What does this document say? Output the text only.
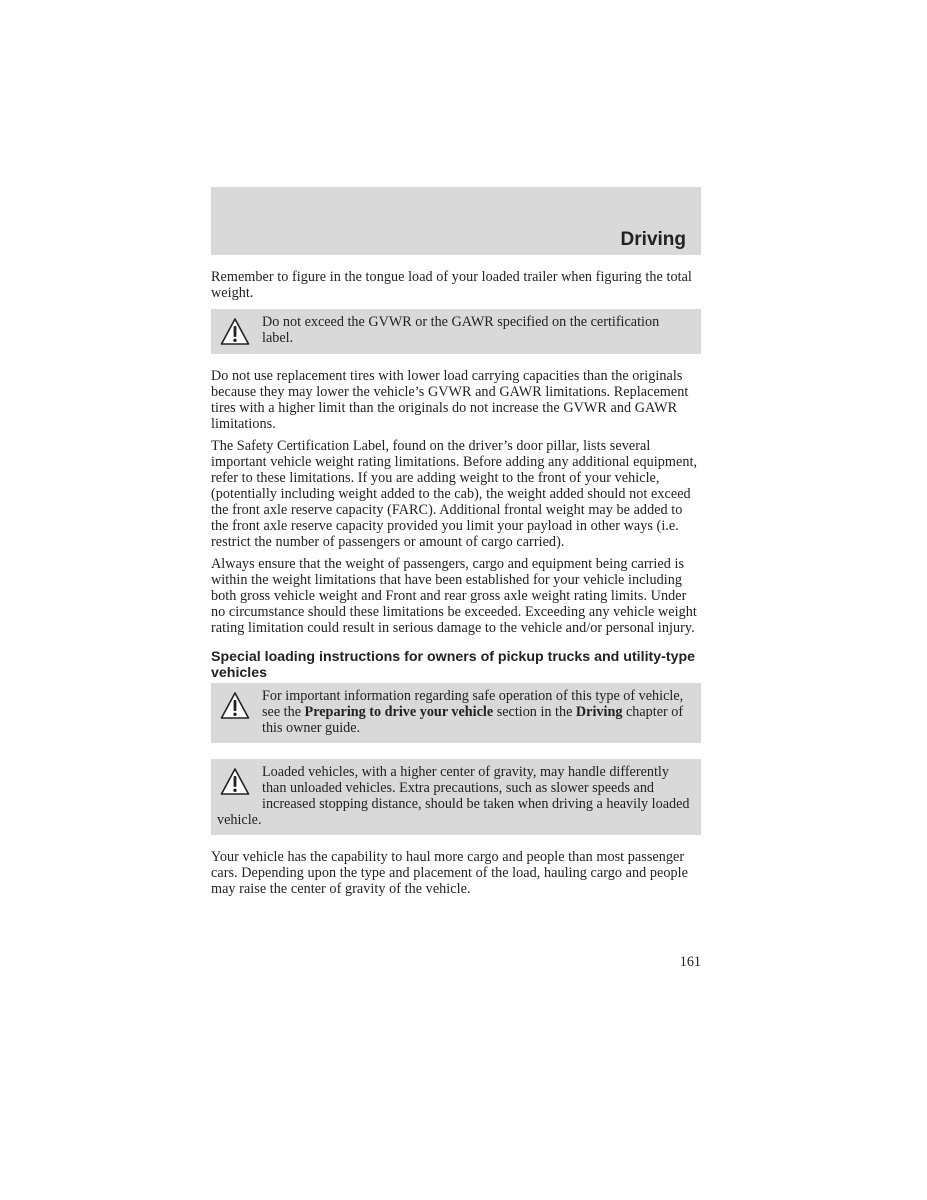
Driving

Remember to figure in the tongue load of your loaded trailer when figuring the total weight.

Do not exceed the GVWR or the GAWR specified on the certification label.

Do not use replacement tires with lower load carrying capacities than the originals because they may lower the vehicle’s GVWR and GAWR limitations. Replacement tires with a higher limit than the originals do not increase the GVWR and GAWR limitations.

The Safety Certification Label, found on the driver’s door pillar, lists several important vehicle weight rating limitations. Before adding any additional equipment, refer to these limitations. If you are adding weight to the front of your vehicle, (potentially including weight added to the cab), the weight added should not exceed the front axle reserve capacity (FARC). Additional frontal weight may be added to the front axle reserve capacity provided you limit your payload in other ways (i.e. restrict the number of passengers or amount of cargo carried).

Always ensure that the weight of passengers, cargo and equipment being carried is within the weight limitations that have been established for your vehicle including both gross vehicle weight and Front and rear gross axle weight rating limits. Under no circumstance should these limitations be exceeded. Exceeding any vehicle weight rating limitation could result in serious damage to the vehicle and/or personal injury.

Special loading instructions for owners of pickup trucks and utility-type vehicles
For important information regarding safe operation of this type of vehicle, see the Preparing to drive your vehicle section in the Driving chapter of this owner guide.
Loaded vehicles, with a higher center of gravity, may handle differently than unloaded vehicles. Extra precautions, such as slower speeds and increased stopping distance, should be taken when driving a heavily loaded vehicle.

Your vehicle has the capability to haul more cargo and people than most passenger cars. Depending upon the type and placement of the load, hauling cargo and people may raise the center of gravity of the vehicle.

161
